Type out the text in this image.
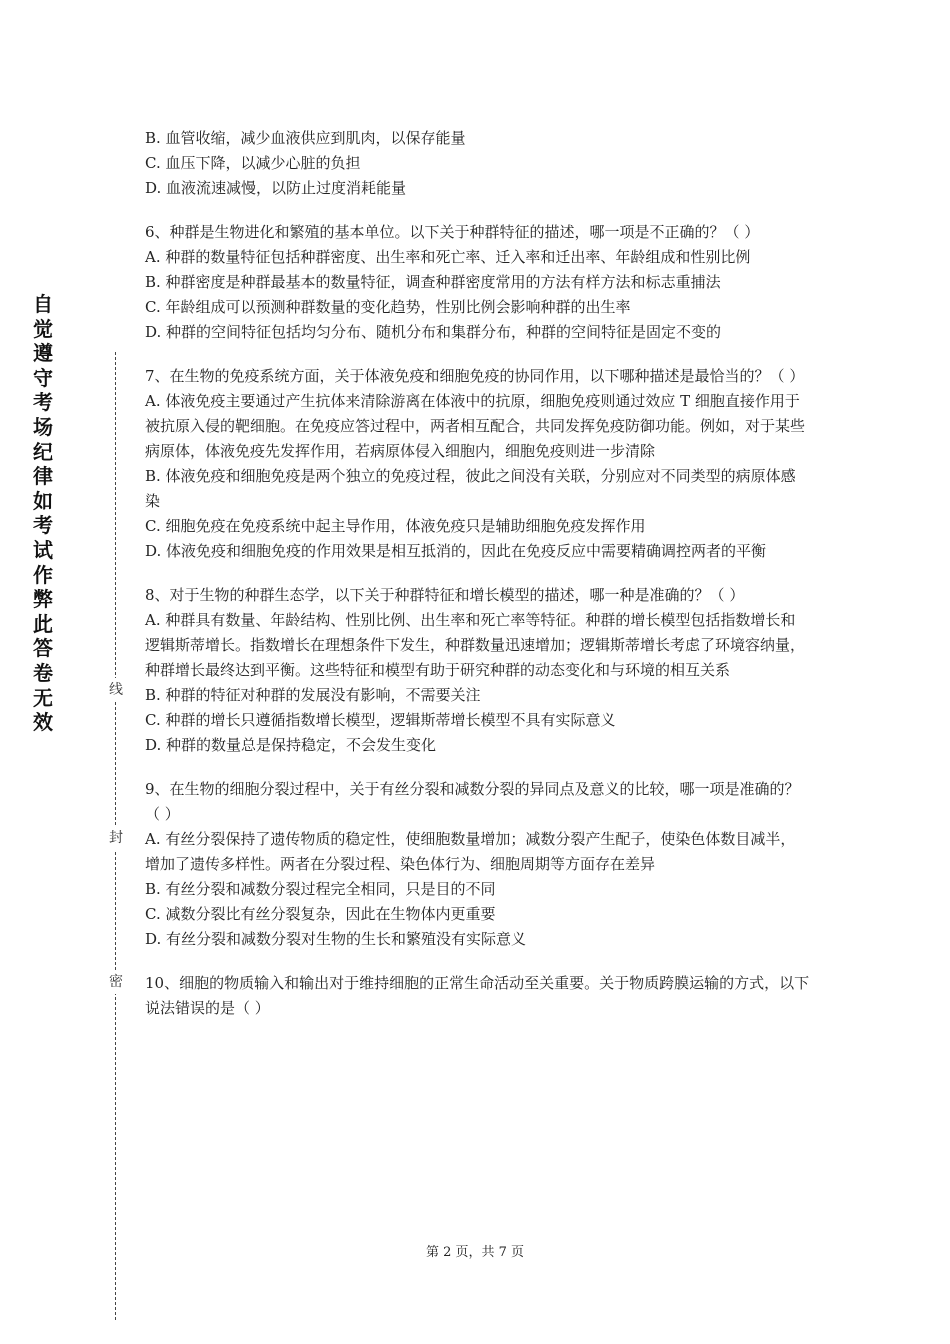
自
觉
遵
守
考
场
纪
律
如
考
试
作
弊
此
答
卷
无
效
线
封
密

B. 血管收缩，减少血液供应到肌肉，以保存能量

C. 血压下降，以减少心脏的负担

D. 血液流速减慢，以防止过度消耗能量

6、种群是生物进化和繁殖的基本单位。以下关于种群特征的描述，哪一项是不正确的？（ ）

A. 种群的数量特征包括种群密度、出生率和死亡率、迁入率和迁出率、年龄组成和性别比例

B. 种群密度是种群最基本的数量特征，调查种群密度常用的方法有样方法和标志重捕法

C. 年龄组成可以预测种群数量的变化趋势，性别比例会影响种群的出生率

D. 种群的空间特征包括均匀分布、随机分布和集群分布，种群的空间特征是固定不变的

7、在生物的免疫系统方面，关于体液免疫和细胞免疫的协同作用，以下哪种描述是最恰当的？（ ）

A. 体液免疫主要通过产生抗体来清除游离在体液中的抗原，细胞免疫则通过效应 T 细胞直接作用于被抗原入侵的靶细胞。在免疫应答过程中，两者相互配合，共同发挥免疫防御功能。例如，对于某些病原体，体液免疫先发挥作用，若病原体侵入细胞内，细胞免疫则进一步清除

B. 体液免疫和细胞免疫是两个独立的免疫过程，彼此之间没有关联，分别应对不同类型的病原体感染

C. 细胞免疫在免疫系统中起主导作用，体液免疫只是辅助细胞免疫发挥作用

D. 体液免疫和细胞免疫的作用效果是相互抵消的，因此在免疫反应中需要精确调控两者的平衡

8、对于生物的种群生态学，以下关于种群特征和增长模型的描述，哪一种是准确的？（ ）

A. 种群具有数量、年龄结构、性别比例、出生率和死亡率等特征。种群的增长模型包括指数增长和逻辑斯蒂增长。指数增长在理想条件下发生，种群数量迅速增加；逻辑斯蒂增长考虑了环境容纳量，种群增长最终达到平衡。这些特征和模型有助于研究种群的动态变化和与环境的相互关系

B. 种群的特征对种群的发展没有影响，不需要关注

C. 种群的增长只遵循指数增长模型，逻辑斯蒂增长模型不具有实际意义

D. 种群的数量总是保持稳定，不会发生变化

9、在生物的细胞分裂过程中，关于有丝分裂和减数分裂的异同点及意义的比较，哪一项是准确的？（ ）

A. 有丝分裂保持了遗传物质的稳定性，使细胞数量增加；减数分裂产生配子，使染色体数目减半，增加了遗传多样性。两者在分裂过程、染色体行为、细胞周期等方面存在差异

B. 有丝分裂和减数分裂过程完全相同，只是目的不同

C. 减数分裂比有丝分裂复杂，因此在生物体内更重要

D. 有丝分裂和减数分裂对生物的生长和繁殖没有实际意义

10、细胞的物质输入和输出对于维持细胞的正常生命活动至关重要。关于物质跨膜运输的方式，以下说法错误的是（ ）

第 2 页，共 7 页
